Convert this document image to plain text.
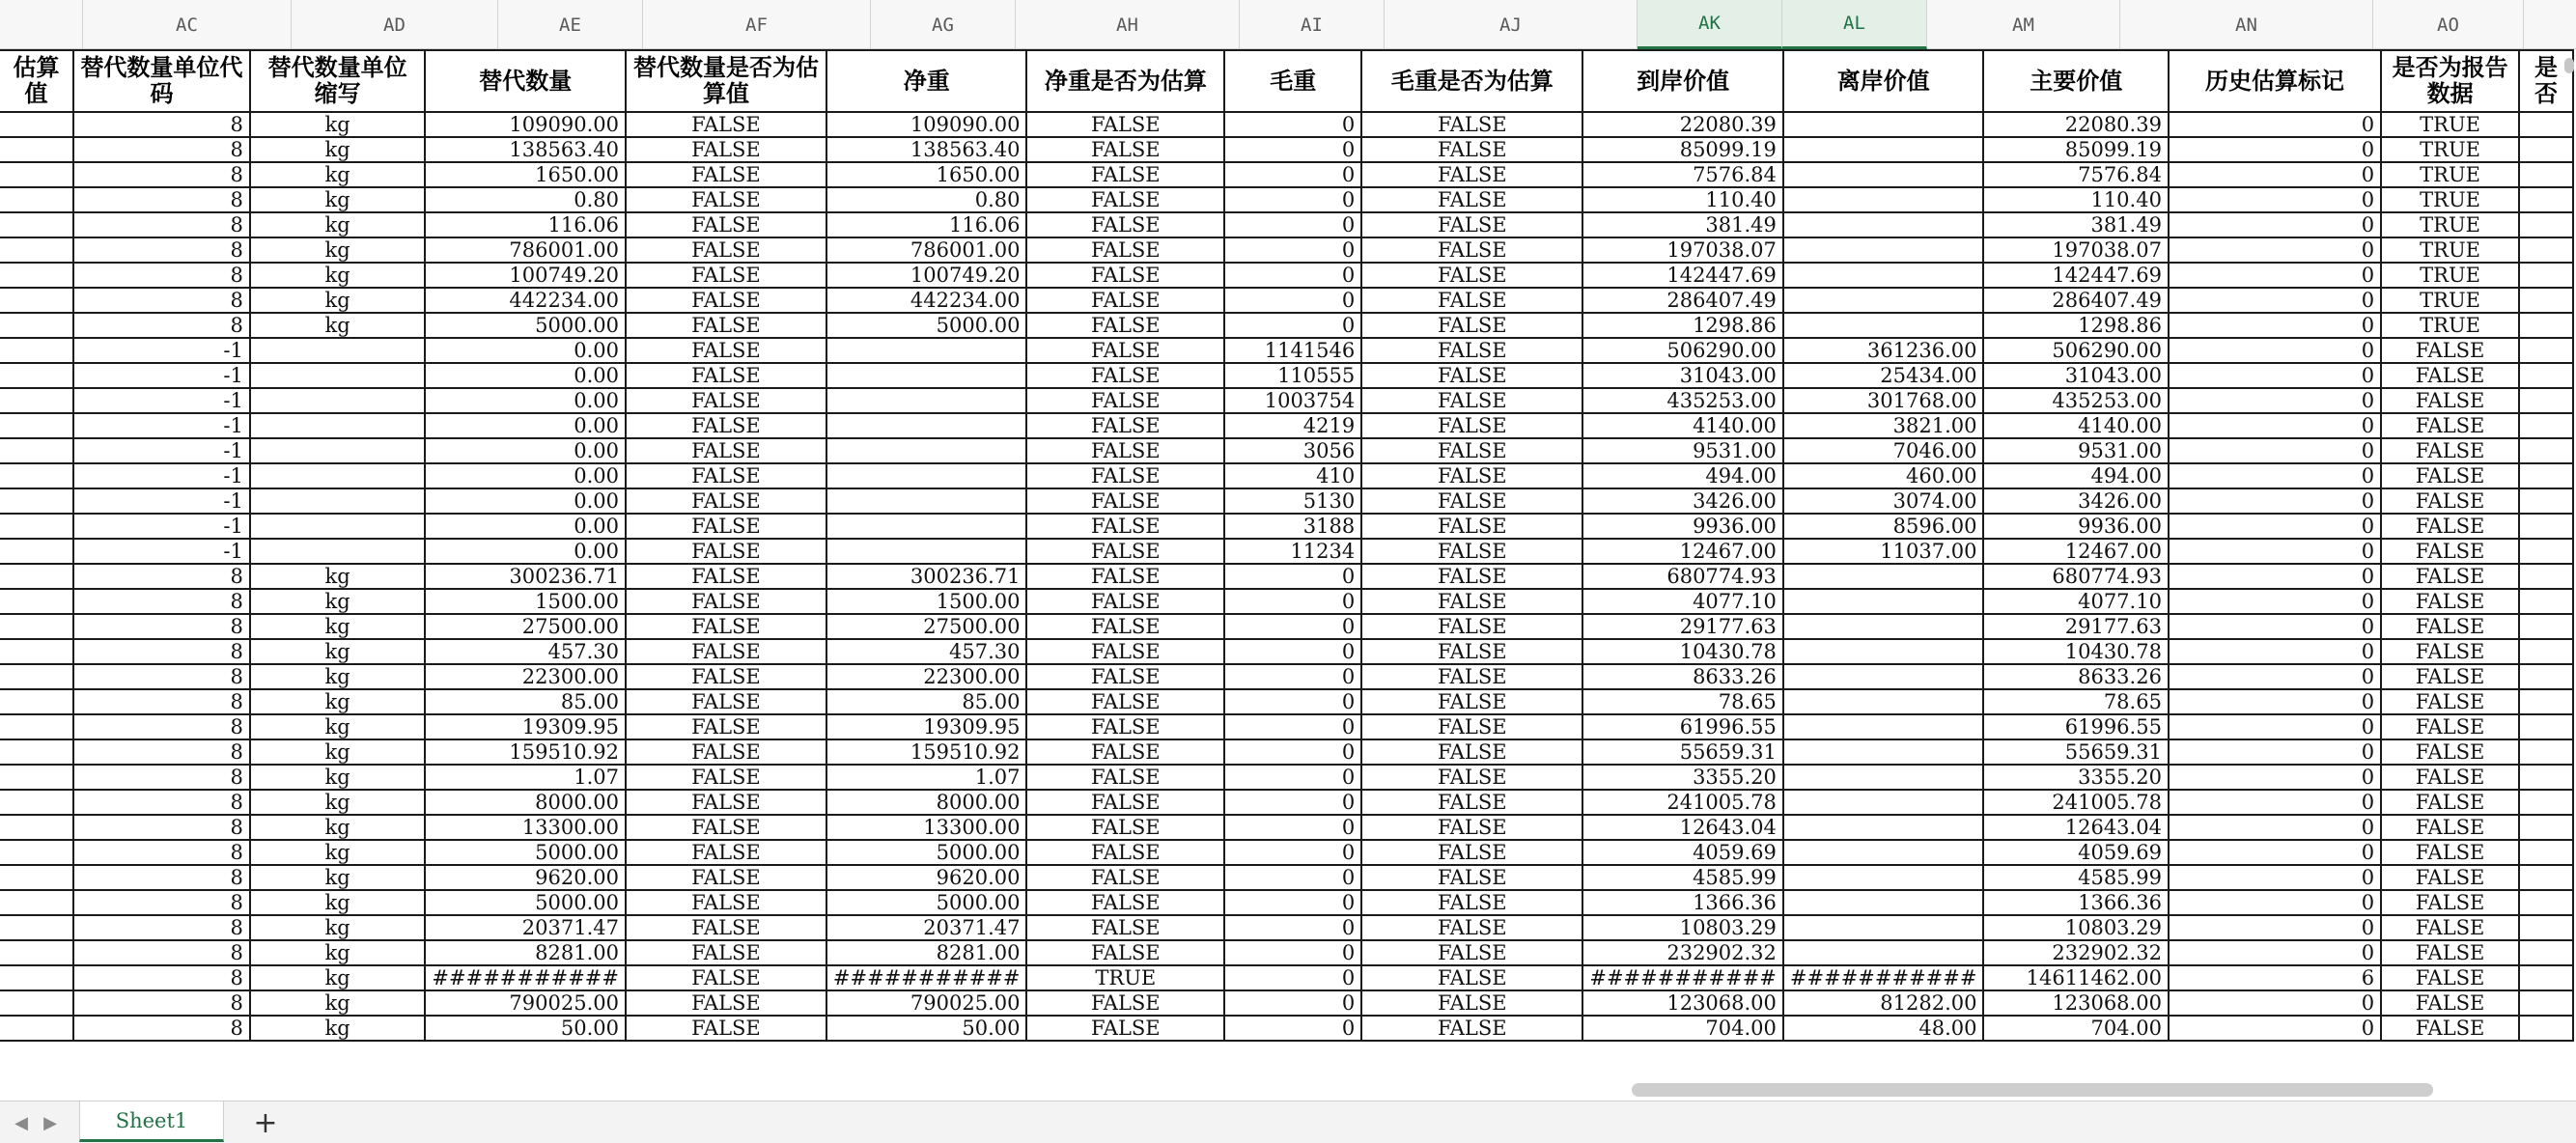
AC	AD	AE	AF	AG	AH	AI	AJ	AK	AL	AM	AN	AO
估算值	替代数量单位代码	替代数量单位缩写	替代数量	替代数量是否为估算值	净重	净重是否为估算	毛重	毛重是否为估算	到岸价值	离岸价值	主要价值	历史估算标记	是否为报告数据	是否
	8	kg	109090.00	FALSE	109090.00	FALSE	0	FALSE	22080.39		22080.39	0	TRUE	
	8	kg	138563.40	FALSE	138563.40	FALSE	0	FALSE	85099.19		85099.19	0	TRUE	
	8	kg	1650.00	FALSE	1650.00	FALSE	0	FALSE	7576.84		7576.84	0	TRUE	
	8	kg	0.80	FALSE	0.80	FALSE	0	FALSE	110.40		110.40	0	TRUE	
	8	kg	116.06	FALSE	116.06	FALSE	0	FALSE	381.49		381.49	0	TRUE	
	8	kg	786001.00	FALSE	786001.00	FALSE	0	FALSE	197038.07		197038.07	0	TRUE	
	8	kg	100749.20	FALSE	100749.20	FALSE	0	FALSE	142447.69		142447.69	0	TRUE	
	8	kg	442234.00	FALSE	442234.00	FALSE	0	FALSE	286407.49		286407.49	0	TRUE	
	8	kg	5000.00	FALSE	5000.00	FALSE	0	FALSE	1298.86		1298.86	0	TRUE	
	-1		0.00	FALSE		FALSE	1141546	FALSE	506290.00	361236.00	506290.00	0	FALSE	
	-1		0.00	FALSE		FALSE	110555	FALSE	31043.00	25434.00	31043.00	0	FALSE	
	-1		0.00	FALSE		FALSE	1003754	FALSE	435253.00	301768.00	435253.00	0	FALSE	
	-1		0.00	FALSE		FALSE	4219	FALSE	4140.00	3821.00	4140.00	0	FALSE	
	-1		0.00	FALSE		FALSE	3056	FALSE	9531.00	7046.00	9531.00	0	FALSE	
	-1		0.00	FALSE		FALSE	410	FALSE	494.00	460.00	494.00	0	FALSE	
	-1		0.00	FALSE		FALSE	5130	FALSE	3426.00	3074.00	3426.00	0	FALSE	
	-1		0.00	FALSE		FALSE	3188	FALSE	9936.00	8596.00	9936.00	0	FALSE	
	-1		0.00	FALSE		FALSE	11234	FALSE	12467.00	11037.00	12467.00	0	FALSE	
	8	kg	300236.71	FALSE	300236.71	FALSE	0	FALSE	680774.93		680774.93	0	FALSE	
	8	kg	1500.00	FALSE	1500.00	FALSE	0	FALSE	4077.10		4077.10	0	FALSE	
	8	kg	27500.00	FALSE	27500.00	FALSE	0	FALSE	29177.63		29177.63	0	FALSE	
	8	kg	457.30	FALSE	457.30	FALSE	0	FALSE	10430.78		10430.78	0	FALSE	
	8	kg	22300.00	FALSE	22300.00	FALSE	0	FALSE	8633.26		8633.26	0	FALSE	
	8	kg	85.00	FALSE	85.00	FALSE	0	FALSE	78.65		78.65	0	FALSE	
	8	kg	19309.95	FALSE	19309.95	FALSE	0	FALSE	61996.55		61996.55	0	FALSE	
	8	kg	159510.92	FALSE	159510.92	FALSE	0	FALSE	55659.31		55659.31	0	FALSE	
	8	kg	1.07	FALSE	1.07	FALSE	0	FALSE	3355.20		3355.20	0	FALSE	
	8	kg	8000.00	FALSE	8000.00	FALSE	0	FALSE	241005.78		241005.78	0	FALSE	
	8	kg	13300.00	FALSE	13300.00	FALSE	0	FALSE	12643.04		12643.04	0	FALSE	
	8	kg	5000.00	FALSE	5000.00	FALSE	0	FALSE	4059.69		4059.69	0	FALSE	
	8	kg	9620.00	FALSE	9620.00	FALSE	0	FALSE	4585.99		4585.99	0	FALSE	
	8	kg	5000.00	FALSE	5000.00	FALSE	0	FALSE	1366.36		1366.36	0	FALSE	
	8	kg	20371.47	FALSE	20371.47	FALSE	0	FALSE	10803.29		10803.29	0	FALSE	
	8	kg	8281.00	FALSE	8281.00	FALSE	0	FALSE	232902.32		232902.32	0	FALSE	
	8	kg	###########	FALSE	###########	TRUE	0	FALSE	###########	###########	14611462.00	6	FALSE	
	8	kg	790025.00	FALSE	790025.00	FALSE	0	FALSE	123068.00	81282.00	123068.00	0	FALSE	
	8	kg	50.00	FALSE	50.00	FALSE	0	FALSE	704.00	48.00	704.00	0	FALSE	
◀ ▶	Sheet1	+
